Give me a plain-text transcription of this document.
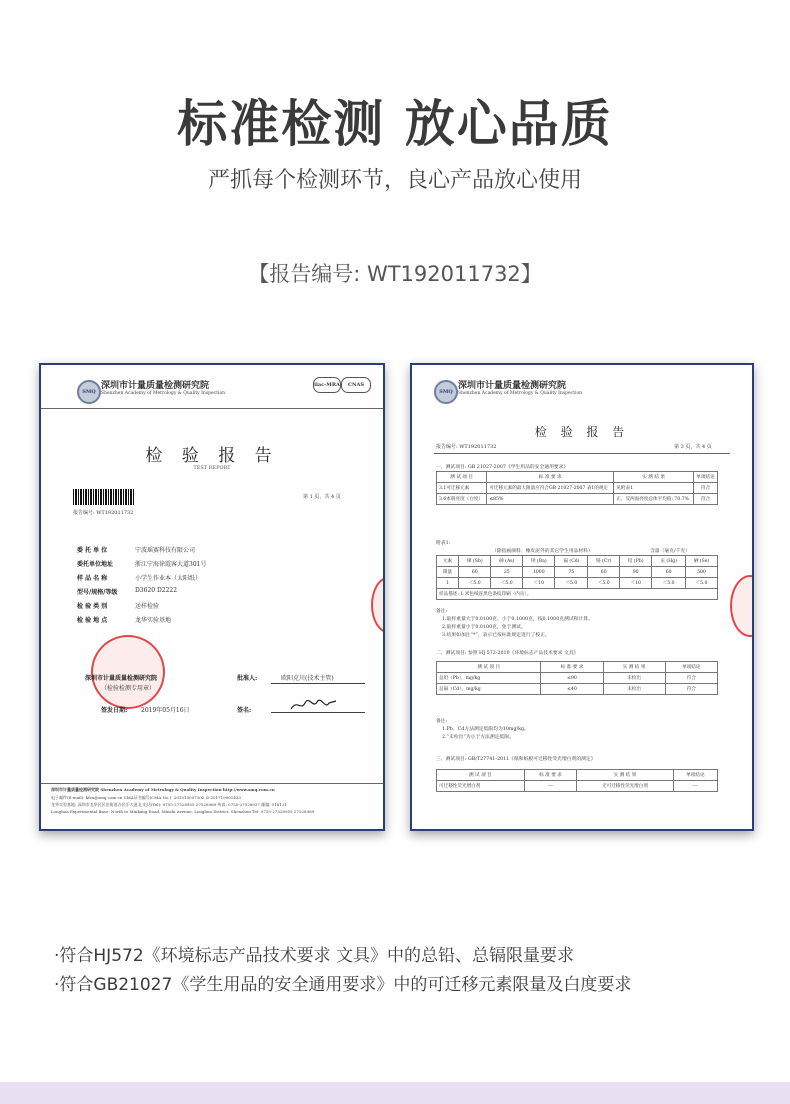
标准检测 放心品质

严抓每个检测环节，良心产品放心使用

【报告编号: WT192011732】

SMQ
深圳市计量质量检测研究院
Shenzhen Academy of Metrology & Quality Inspection
ilac-MRA	CNAS
检 验 报 告
TEST REPORT
报告编号: WT192011732
第 1 页，共 4 页
委 托 单 位	宁波瑶赛科技有限公司
委托单位地址	浙江宁海徐霞客大道301号
样 品 名 称	小学生作业本（太阳纸）
型号/规格/等级	D3620 D2222
检 验 类 别	送样检验
检 验 地 点	龙华实验基地
深圳市计量质量检测研究院
（检验检测专用章）
批准人:	欧阳克川(技术主管)
签发日期: 2019年05月16日	签名:
深圳市计量质量检测研究院 Shenzhen Academy of Metrology & Quality Inspection http://www.smq.com.cn
电子邮件(E-mail): kfzx@smq.com.cn CMA证书编号(CMA No.): 201519007302 & 201719001433
龙华实验基地: 深圳市龙华区民治街道办民乐大道北 电话(Tel): 0755-27528955 27528969 传真: 0755-27528937 邮编: 518131
Longhua Experimental Base: North to Minkang Road, Minzhi Avenue, Longhua District, Shenzhen Tel: 0755-27528955 27528969
SMQ
深圳市计量质量检测研究院
Shenzhen Academy of Metrology & Quality Inspection
检 验 报 告
报告编号: WT192011732	第 3 页，共 4 页
一、测试项目: GB 21027-2007《学生用品的安全通用要求》
测 试 项 目	标 准 要 求	实 测 结 果	单项结论
3.1可迁移元素	可迁移元素的最大限量应符合GB 21027-2007 表1的规定	见附表1	符合
3.6本册亮度（白度）	≤85%	正、反两面亮度总体平均值: 70.7%	符合
附表1:
（除指画颜料、橡皮泥外的其它学生用品材料）	含量（毫克/千克）
元素	锑 (Sb)	砷 (As)	钡 (Ba)	镉 (Cd)	铬 (Cr)	铅 (Pb)	汞 (Hg)	硒 (Se)
限量	60	25	1000	75	60	90	60	500
1	＜5.0	＜5.0	＜10	＜5.0	＜5.0	＜10	＜5.0	＜5.0
样品描述: 1.米色纸连黑色条纹印刷（内页）。								
备注:
1.取样重量大于0.0100克、小于0.1000克，按0.1000克测试和计算。
2.取样重量小于0.0100克，免于测试。
3.结果如加注“*”，表示已按标准规定进行了校正。
二、测试项目: 参照 HJ 572-2010《环境标志产品技术要求 文具》
测 试 项 目	标 准 要 求	实 测 结 果	单项结论
总铅（Pb），mg/kg	≤90	未检出	符合
总镉（Cd），mg/kg	≤40	未检出	符合
备注:
1.Pb、Cd方法测定低限均为10mg/kg。
2.“未检出”为小于方法测定低限。
三、测试项目: GB/T27741-2011《纸和纸板可迁移性荧光增白剂的测定》
测 试 项 目	标 准 要 求	实 测 结 果	单项结论
可迁移性荧光增白剂	----	无可迁移性荧光增白剂	----
·符合HJ572《环境标志产品技术要求 文具》中的总铅、总镉限量要求
·符合GB21027《学生用品的安全通用要求》中的可迁移元素限量及白度要求
